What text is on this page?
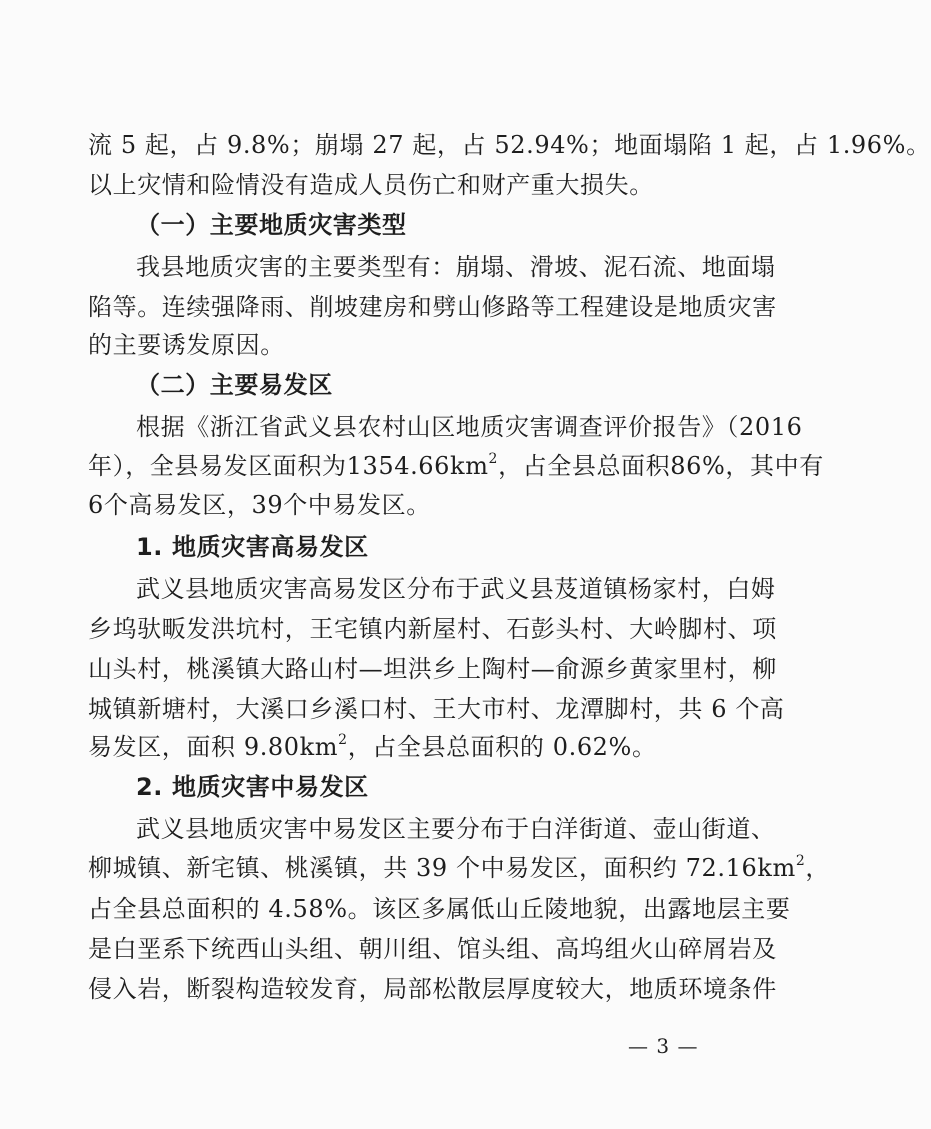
流 5 起，占 9.8%；崩塌 27 起，占 52.94%；地面塌陷 1 起，占 1.96%。
以上灾情和险情没有造成人员伤亡和财产重大损失。
（一）主要地质灾害类型
我县地质灾害的主要类型有：崩塌、滑坡、泥石流、地面塌
陷等。连续强降雨、削坡建房和劈山修路等工程建设是地质灾害
的主要诱发原因。
（二）主要易发区
根据《浙江省武义县农村山区地质灾害调查评价报告》（2016
年），全县易发区面积为$1354.66km^2$，占全县总面积86%，其中有
6个高易发区，39个中易发区。
1. 地质灾害高易发区
武义县地质灾害高易发区分布于武义县芨道镇杨家村，白姆
乡坞驮畈发洪坑村，王宅镇内新屋村、石彭头村、大岭脚村、项
山头村，桃溪镇大路山村—坦洪乡上陶村—俞源乡黄家里村，柳
城镇新塘村，大溪口乡溪口村、王大市村、龙潭脚村，共 6 个高
易发区，面积 $9.80km^2$，占全县总面积的 0.62%。
2. 地质灾害中易发区
武义县地质灾害中易发区主要分布于白洋街道、壶山街道、
柳城镇、新宅镇、桃溪镇，共 39 个中易发区，面积约 $72.16km^2$，
占全县总面积的 4.58%。该区多属低山丘陵地貌，出露地层主要
是白垩系下统西山头组、朝川组、馆头组、高坞组火山碎屑岩及
侵入岩，断裂构造较发育，局部松散层厚度较大，地质环境条件
— 3 —
